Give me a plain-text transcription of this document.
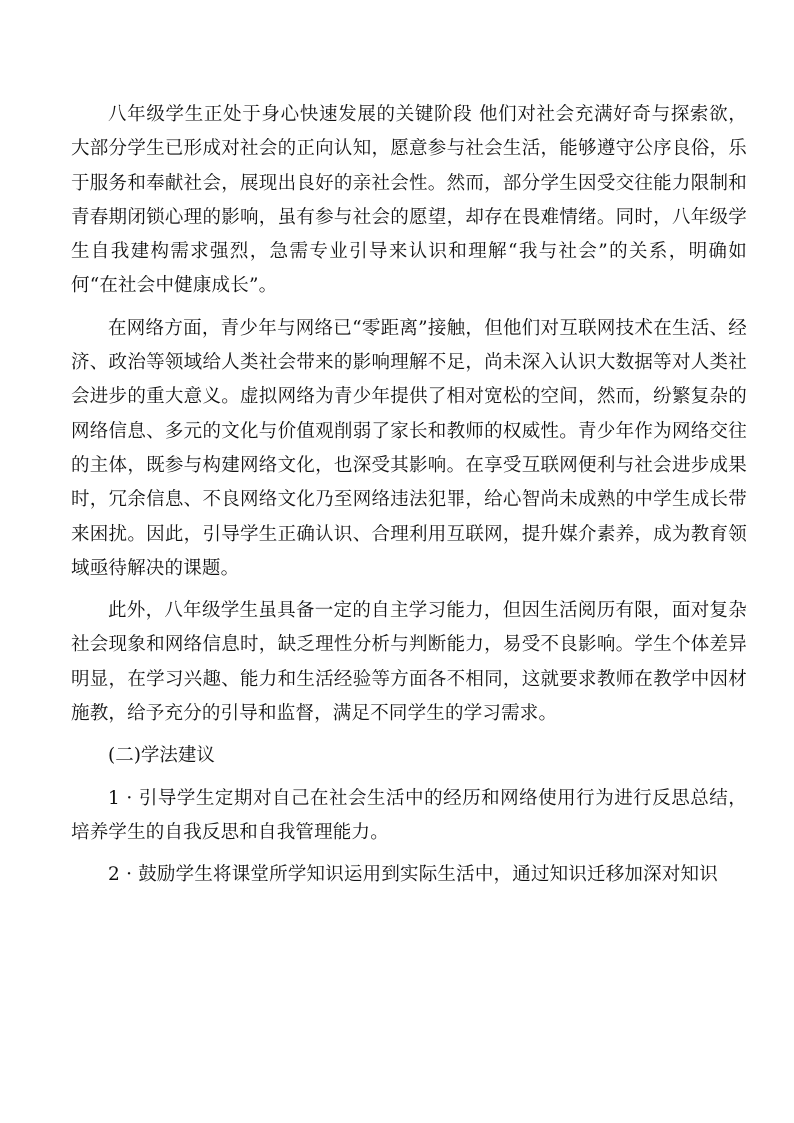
八年级学生正处于身心快速发展的关键阶段 他们对社会充满好奇与探索欲，大部分学生已形成对社会的正向认知，愿意参与社会生活，能够遵守公序良俗，乐于服务和奉献社会，展现出良好的亲社会性。然而，部分学生因受交往能力限制和青春期闭锁心理的影响，虽有参与社会的愿望，却存在畏难情绪。同时，八年级学生自我建构需求强烈，急需专业引导来认识和理解“我与社会”的关系，明确如何“在社会中健康成长”。

在网络方面，青少年与网络已“零距离”接触，但他们对互联网技术在生活、经济、政治等领域给人类社会带来的影响理解不足，尚未深入认识大数据等对人类社会进步的重大意义。虚拟网络为青少年提供了相对宽松的空间，然而，纷繁复杂的网络信息、多元的文化与价值观削弱了家长和教师的权威性。青少年作为网络交往的主体，既参与构建网络文化，也深受其影响。在享受互联网便利与社会进步成果时，冗余信息、不良网络文化乃至网络违法犯罪，给心智尚未成熟的中学生成长带来困扰。因此，引导学生正确认识、合理利用互联网，提升媒介素养，成为教育领域亟待解决的课题。

此外，八年级学生虽具备一定的自主学习能力，但因生活阅历有限，面对复杂社会现象和网络信息时，缺乏理性分析与判断能力，易受不良影响。学生个体差异明显，在学习兴趣、能力和生活经验等方面各不相同，这就要求教师在教学中因材施教，给予充分的引导和监督，满足不同学生的学习需求。

(二)学法建议

1 · 引导学生定期对自己在社会生活中的经历和网络使用行为进行反思总结，培养学生的自我反思和自我管理能力。

2 · 鼓励学生将课堂所学知识运用到实际生活中，通过知识迁移加深对知识
